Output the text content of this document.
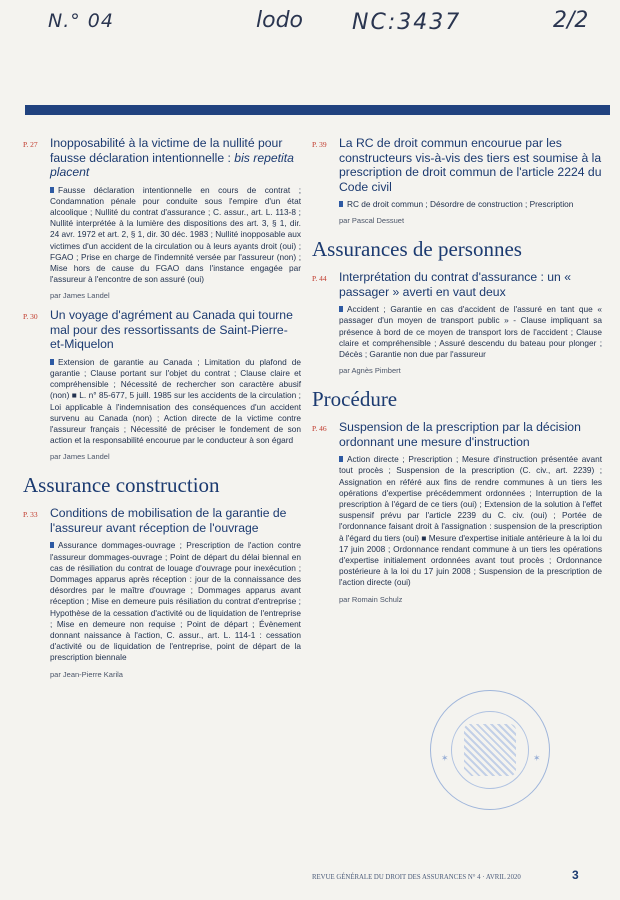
N.° 04	lodo NC:3437	2/2
P. 27 Inopposabilité à la victime de la nullité pour fausse déclaration intentionnelle : bis repetita placent
Fausse déclaration intentionnelle en cours de contrat ; Condamnation pénale pour conduite sous l'empire d'un état alcoolique ; Nullité du contrat d'assurance ; C. assur., art. L. 113-8 ; Nullité interprétée à la lumière des dispositions des art. 3, § 1, dir. 24 avr. 1972 et art. 2, § 1, dir. 30 déc. 1983 ; Nullité inopposable aux victimes d'un accident de la circulation ou à leurs ayants droit (oui) ; FGAO ; Prise en charge de l'indemnité versée par l'assureur (non) ; Mise hors de cause du FGAO dans l'instance engagée par l'assureur à l'encontre de son assuré (oui)
par James Landel
P. 30 Un voyage d'agrément au Canada qui tourne mal pour des ressortissants de Saint-Pierre-et-Miquelon
Extension de garantie au Canada ; Limitation du plafond de garantie ; Clause portant sur l'objet du contrat ; Clause claire et compréhensible ; Nécessité de rechercher son caractère abusif (non) ■ L. n° 85-677, 5 juill. 1985 sur les accidents de la circulation ; Loi applicable à l'indemnisation des conséquences d'un accident survenu au Canada (non) ; Action directe de la victime contre l'assureur français ; Nécessité de préciser le fondement de son action et la responsabilité encourue par le conducteur à son égard
par James Landel
Assurance construction
P. 33 Conditions de mobilisation de la garantie de l'assureur avant réception de l'ouvrage
Assurance dommages-ouvrage ; Prescription de l'action contre l'assureur dommages-ouvrage ; Point de départ du délai biennal en cas de résiliation du contrat de louage d'ouvrage pour inexécution ; Dommages apparus après réception : jour de la connaissance des désordres par le maître d'ouvrage ; Dommages apparus avant réception ; Mise en demeure puis résiliation du contrat d'entreprise ; Hypothèse de la cessation d'activité ou de liquidation de l'entreprise ; Mise en demeure non requise ; Point de départ ; Évènement donnant naissance à l'action, C. assur., art. L. 114-1 : cessation d'activité ou de liquidation de l'entreprise, point de départ de la prescription biennale
par Jean-Pierre Karila
P. 39 La RC de droit commun encourue par les constructeurs vis-à-vis des tiers est soumise à la prescription de droit commun de l'article 2224 du Code civil
RC de droit commun ; Désordre de construction ; Prescription
par Pascal Dessuet
Assurances de personnes
P. 44 Interprétation du contrat d'assurance : un « passager » averti en vaut deux
Accident ; Garantie en cas d'accident de l'assuré en tant que « passager d'un moyen de transport public » - Clause impliquant sa présence à bord de ce moyen de transport lors de l'accident ; Clause claire et compréhensible ; Assuré descendu du bateau pour plonger ; Décès ; Garantie non due par l'assureur
par Agnès Pimbert
Procédure
P. 46 Suspension de la prescription par la décision ordonnant une mesure d'instruction
Action directe ; Prescription ; Mesure d'instruction présentée avant tout procès ; Suspension de la prescription (C. civ., art. 2239) ; Assignation en référé aux fins de rendre communes à un tiers les opérations d'expertise précédemment ordonnées ; Interruption de la prescription à l'égard de ce tiers (oui) ; Extension de la solution à l'effet suspensif prévu par l'article 2239 du C. civ. (oui) ; Portée de l'ordonnance faisant droit à l'assignation : suspension de la prescription à l'égard du tiers (oui) ■ Mesure d'expertise initiale antérieure à la loi du 17 juin 2008 ; Ordonnance rendant commune à un tiers les opérations d'expertise initialement ordonnées avant tout procès ; Ordonnance postérieure à la loi du 17 juin 2008 ; Suspension de la prescription de l'action directe (oui)
par Romain Schulz
✶	✶
REVUE GÉNÉRALE DU DROIT DES ASSURANCES N° 4 · AVRIL 2020	3
